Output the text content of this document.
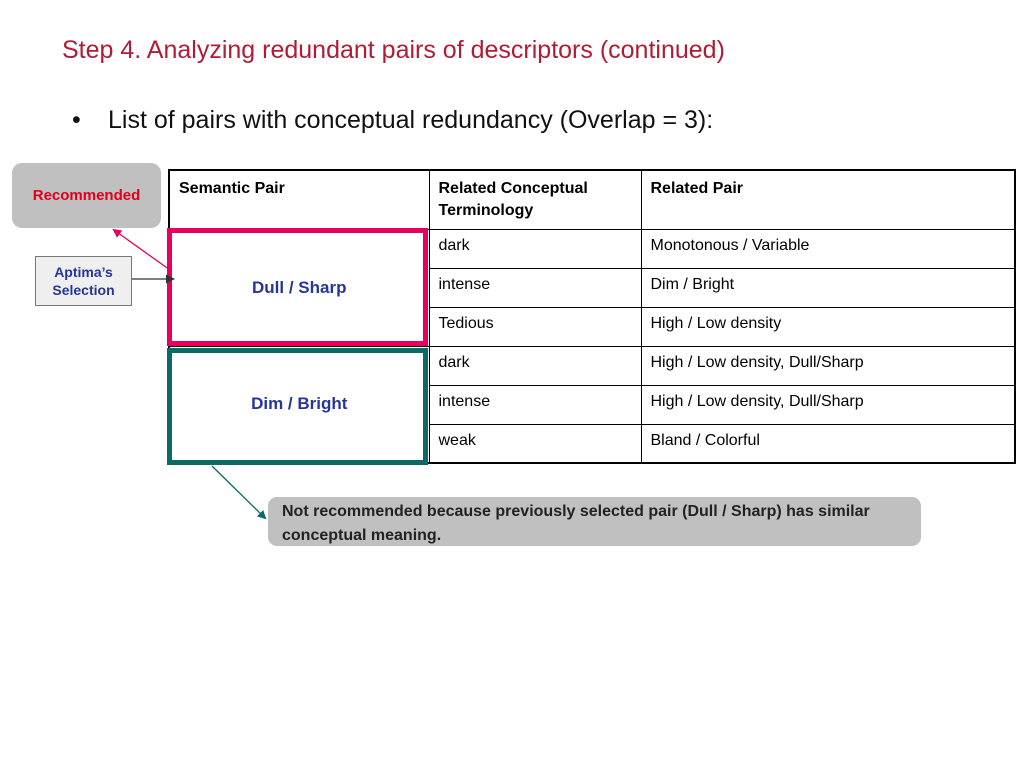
Step 4. Analyzing redundant pairs of descriptors (continued)
• List of pairs with conceptual redundancy (Overlap = 3):
Recommended
Aptima’s Selection
Not recommended because previously selected pair (Dull / Sharp) has similar conceptual meaning.
Semantic Pair	Related Conceptual Terminology	Related Pair
Dull / Sharp	dark	Monotonous / Variable
	intense	Dim / Bright
	Tedious	High / Low density
Dim / Bright	dark	High / Low density, Dull/Sharp
	intense	High / Low density, Dull/Sharp
	weak	Bland / Colorful
